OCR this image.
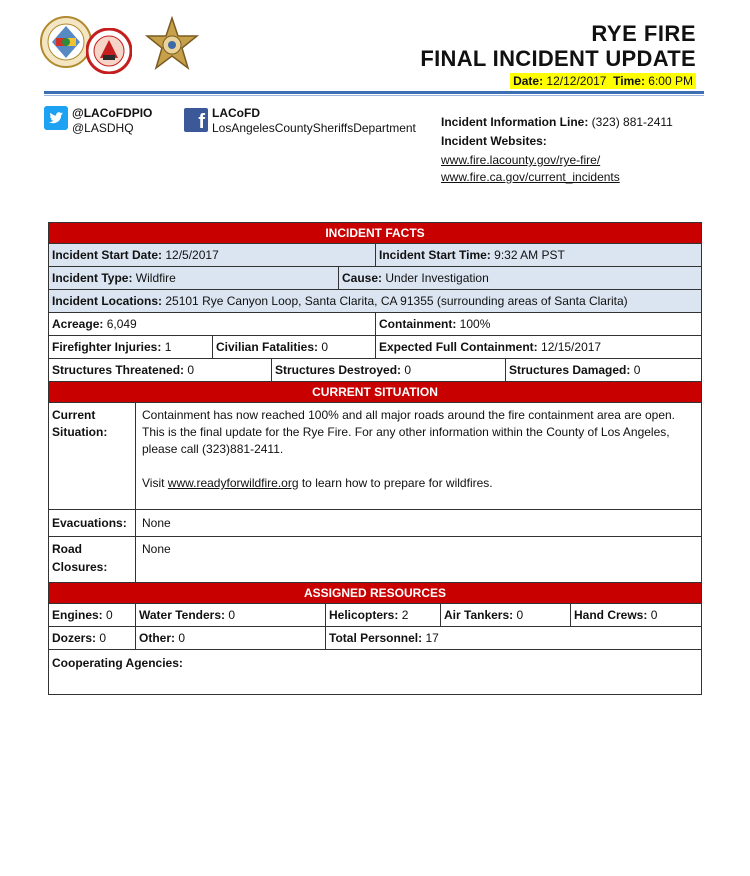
RYE FIRE
FINAL INCIDENT UPDATE
Date: 12/12/2017 Time: 6:00 PM
@LACoFDPIO
@LASDHQ	f LACoFD
LosAngelesCountySheriffsDepartment Incident Information Line: (323) 881-2411
Incident Websites:
www.fire.lacounty.gov/rye-fire/
www.fire.ca.gov/current_incidents
INCIDENT FACTS
Incident Start Date: 12/5/2017	Incident Start Time: 9:32 AM PST
Incident Type: Wildfire	Cause: Under Investigation
Incident Locations: 25101 Rye Canyon Loop, Santa Clarita, CA 91355 (surrounding areas of Santa Clarita)
Acreage: 6,049	Containment: 100%
Firefighter Injuries: 1	Civilian Fatalities: 0	Expected Full Containment: 12/15/2017
Structures Threatened: 0	Structures Destroyed: 0	Structures Damaged: 0
CURRENT SITUATION
Current
Situation:

Containment has now reached 100% and all major roads around the fire containment area are open. This is the final update for the Rye Fire. For any other information within the County of Los Angeles, please call (323)881-2411.

Visit www.readyforwildfire.org to learn how to prepare for wildfires.
Evacuations:	None
Road
Closures:
None
ASSIGNED RESOURCES
Engines: 0	Water Tenders: 0	Helicopters: 2	Air Tankers: 0	Hand Crews: 0
Dozers: 0	Other: 0	Total Personnel: 17
Cooperating Agencies:
